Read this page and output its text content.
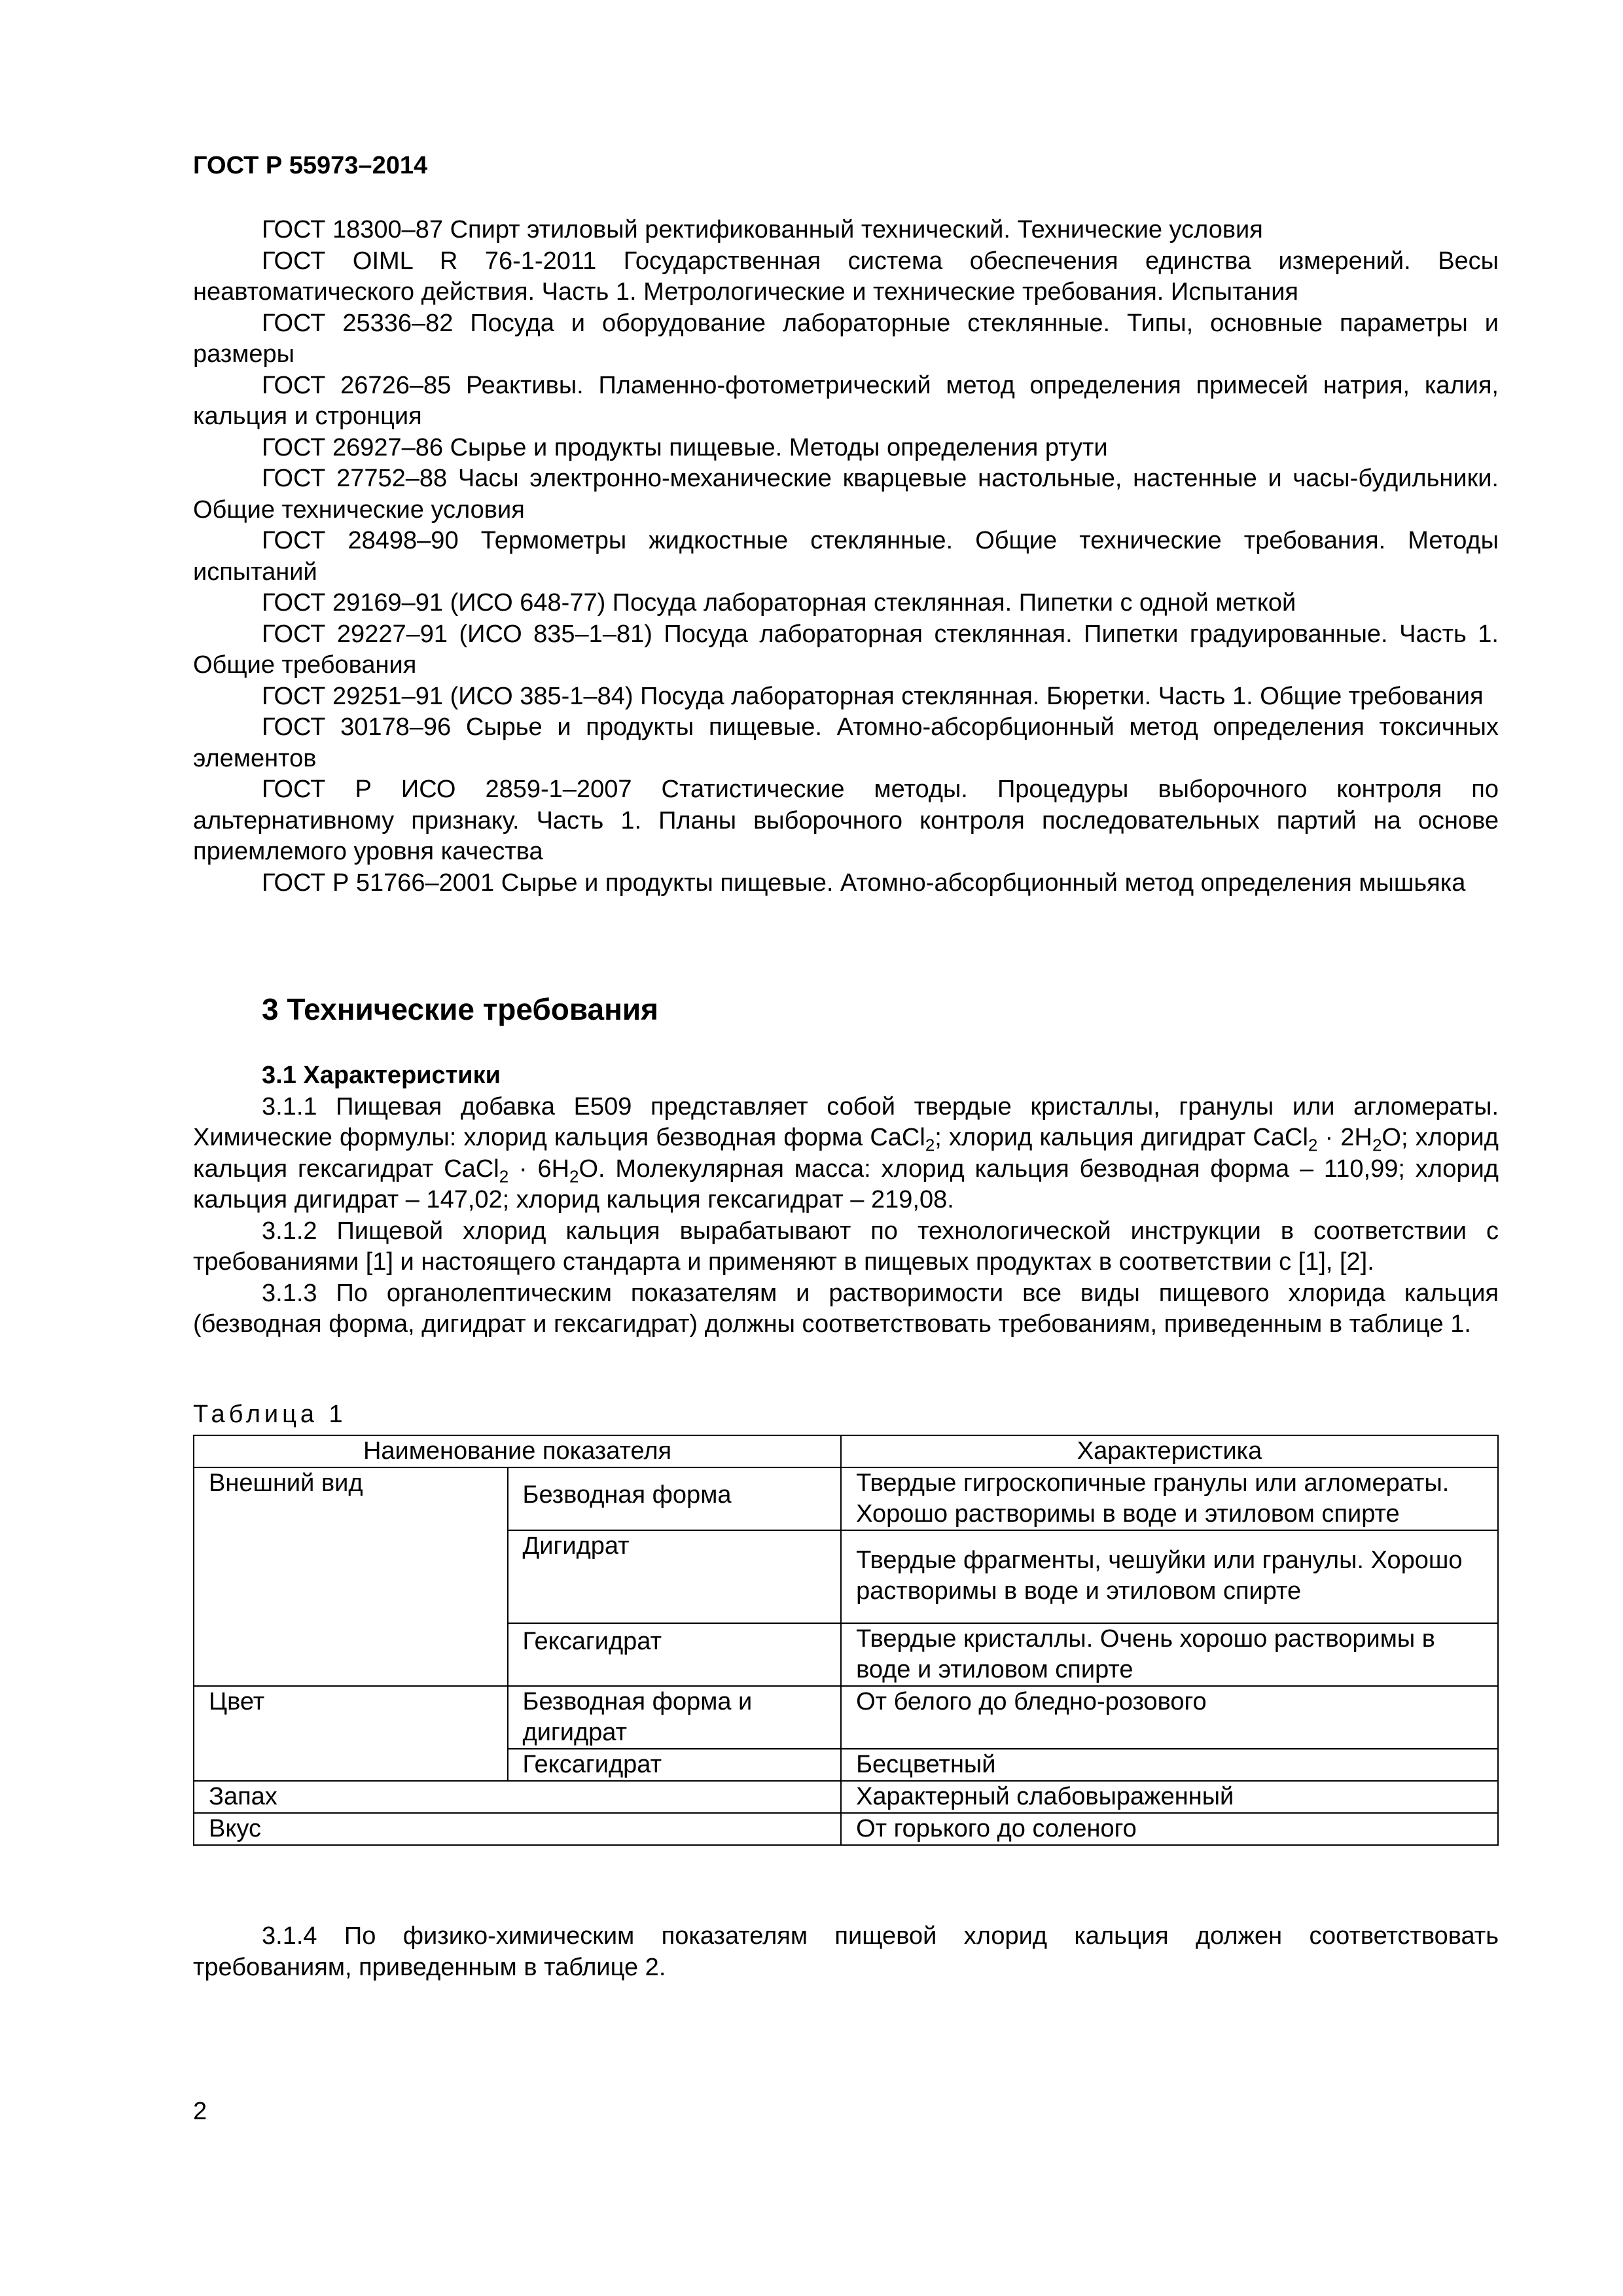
ГОСТ Р 55973–2014

ГОСТ 18300–87 Спирт этиловый ректификованный технический. Технические условия

ГОСТ OIML R 76-1-2011 Государственная система обеспечения единства измерений. Весы неавтоматического действия. Часть 1. Метрологические и технические требования. Испытания

ГОСТ 25336–82 Посуда и оборудование лабораторные стеклянные. Типы, основные параметры и размеры

ГОСТ 26726–85 Реактивы. Пламенно-фотометрический метод определения примесей натрия, калия, кальция и стронция

ГОСТ 26927–86 Сырье и продукты пищевые. Методы определения ртути

ГОСТ 27752–88 Часы электронно-механические кварцевые настольные, настенные и часы-будильники. Общие технические условия

ГОСТ 28498–90 Термометры жидкостные стеклянные. Общие технические требования. Методы испытаний

ГОСТ 29169–91 (ИСО 648-77) Посуда лабораторная стеклянная. Пипетки с одной меткой

ГОСТ 29227–91 (ИСО 835–1–81) Посуда лабораторная стеклянная. Пипетки градуированные. Часть 1. Общие требования

ГОСТ 29251–91 (ИСО 385-1–84) Посуда лабораторная стеклянная. Бюретки. Часть 1. Общие требования

ГОСТ 30178–96 Сырье и продукты пищевые. Атомно-абсорбционный метод определения токсичных элементов

ГОСТ Р ИСО 2859-1–2007 Статистические методы. Процедуры выборочного контроля по альтернативному признаку. Часть 1. Планы выборочного контроля последовательных партий на основе приемлемого уровня качества

ГОСТ Р 51766–2001 Сырье и продукты пищевые. Атомно-абсорбционный метод определения мышьяка

3 Технические требования

3.1 Характеристики

3.1.1 Пищевая добавка Е509 представляет собой твердые кристаллы, гранулы или агломераты. Химические формулы: хлорид кальция безводная форма CaCl$_2$; хлорид кальция дигидрат CaCl$_2$ · $2H_2O$; хлорид кальция гексагидрат CaCl$_2$ · $6H_2O$. Молекулярная масса: хлорид кальция безводная форма – 110,99; хлорид кальция дигидрат – 147,02; хлорид кальция гексагидрат – 219,08.

3.1.2 Пищевой хлорид кальция вырабатывают по технологической инструкции в соответствии с требованиями [1] и настоящего стандарта и применяют в пищевых продуктах в соответствии с [1], [2].

3.1.3 По органолептическим показателям и растворимости все виды пищевого хлорида кальция (безводная форма, дигидрат и гексагидрат) должны соответствовать требованиям, приведенным в таблице 1.

Таблица 1
Наименование показателя		Характеристика
Внешний вид	Безводная форма	Твердые гигроскопичные гранулы или агломераты. Хорошо растворимы в воде и этиловом спирте
	Дигидрат	Твердые фрагменты, чешуйки или гранулы. Хорошо растворимы в воде и этиловом спирте
	Гексагидрат	Твердые кристаллы. Очень хорошо растворимы в воде и этиловом спирте
Цвет	Безводная форма и дигидрат	От белого до бледно-розового
	Гексагидрат	Бесцветный
Запах		Характерный слабовыраженный
Вкус		От горького до соленого

3.1.4 По физико-химическим показателям пищевой хлорид кальция должен соответствовать требованиям, приведенным в таблице 2.

2
